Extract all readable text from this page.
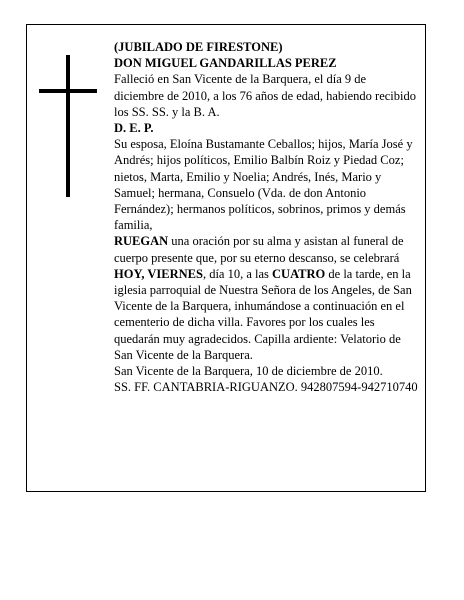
(JUBILADO DE FIRESTONE)

DON MIGUEL GANDARILLAS PEREZ

Falleció en San Vicente de la Barquera, el día 9 de diciembre de 2010, a los 76 años de edad, habiendo recibido los SS. SS. y la B. A.

D. E. P.

Su esposa, Eloína Bustamante Ceballos; hijos, María José y Andrés; hijos políticos, Emilio Balbín Roiz y Piedad Coz; nietos, Marta, Emilio y Noelia; Andrés, Inés, Mario y Samuel; hermana, Consuelo (Vda. de don Antonio Fernández); hermanos políticos, sobrinos, primos y demás familia,

RUEGAN una oración por su alma y asistan al funeral de cuerpo presente que, por su eterno descanso, se celebrará HOY, VIERNES, día 10, a las CUATRO de la tarde, en la iglesia parroquial de Nuestra Señora de los Angeles, de San Vicente de la Barquera, inhumándose a continuación en el cementerio de dicha villa. Favores por los cuales les quedarán muy agradecidos. Capilla ardiente: Velatorio de San Vicente de la Barquera.

San Vicente de la Barquera, 10 de diciembre de 2010.

SS. FF. CANTABRIA-RIGUANZO. 942807594-942710740
